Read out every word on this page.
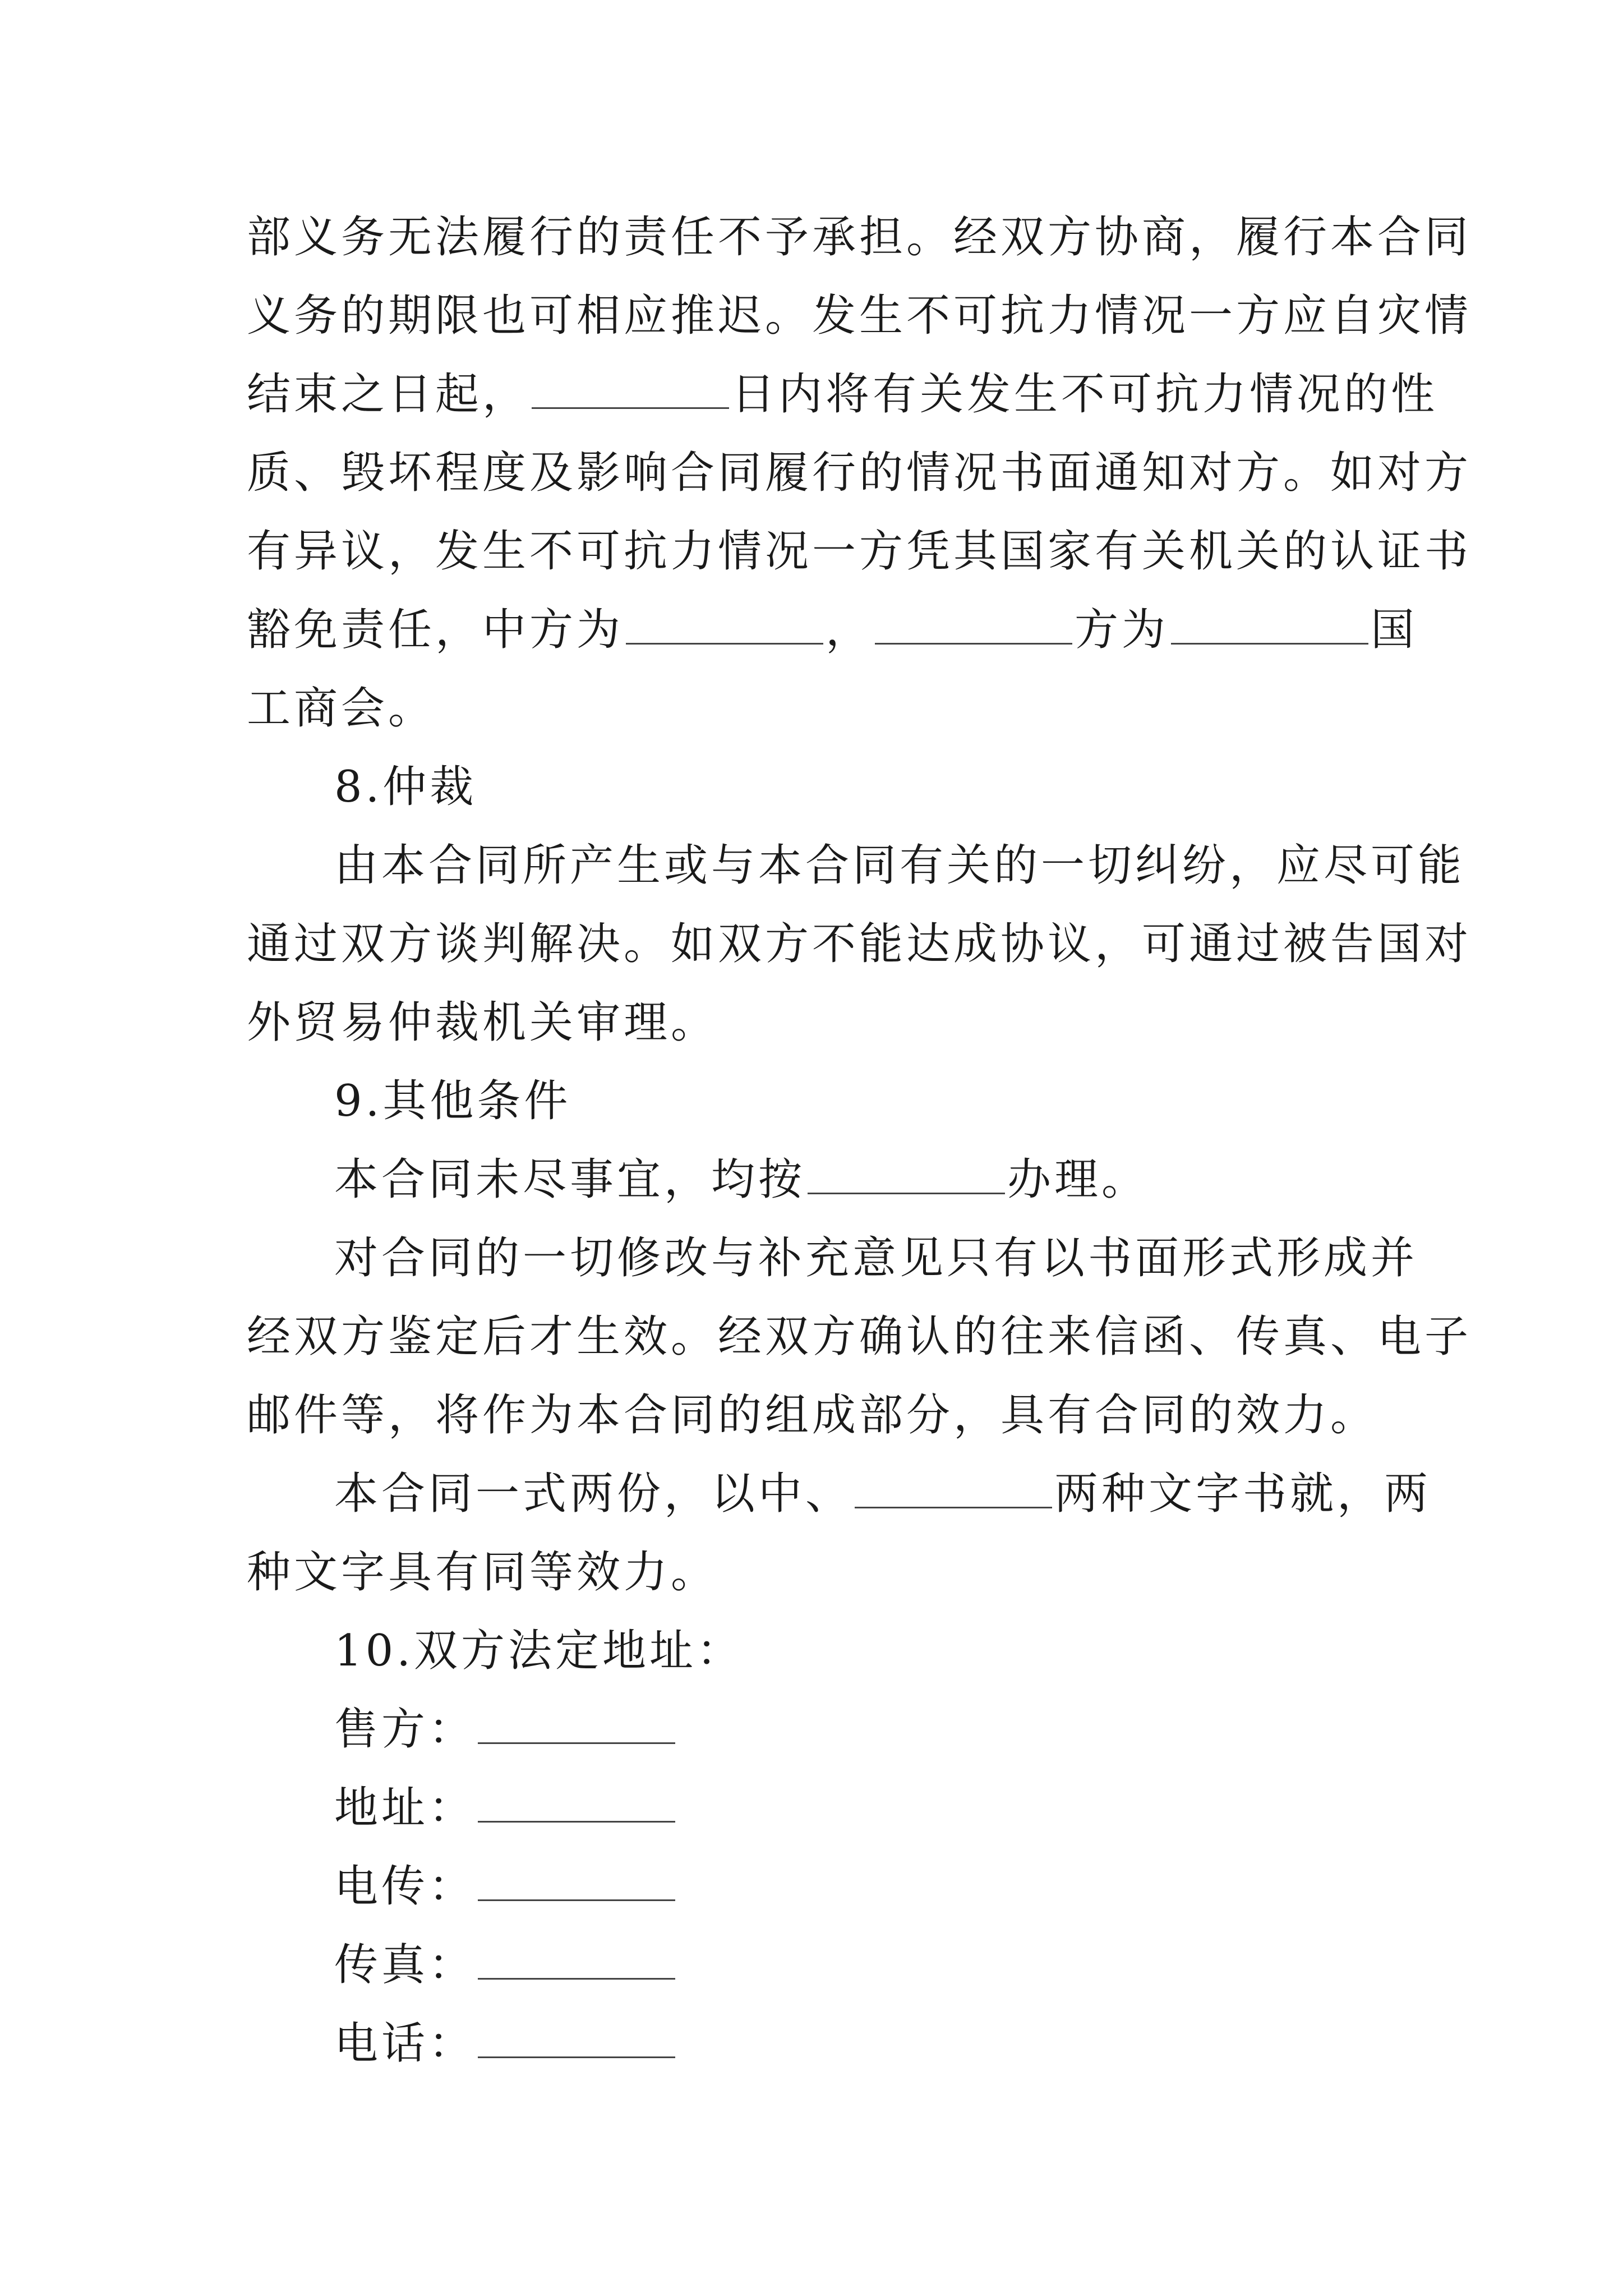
部义务无法履行的责任不予承担。经双方协商，履行本合同
义务的期限也可相应推迟。发生不可抗力情况一方应自灾情
结束之日起，	日内将有关发生不可抗力情况的性
质、毁坏程度及影响合同履行的情况书面通知对方。如对方
有异议，发生不可抗力情况一方凭其国家有关机关的认证书
豁免责任，中方为	，	方为	国
工商会。
8.仲裁
由本合同所产生或与本合同有关的一切纠纷，应尽可能
通过双方谈判解决。如双方不能达成协议，可通过被告国对
外贸易仲裁机关审理。
9.其他条件
本合同未尽事宜，均按	办理。
对合同的一切修改与补充意见只有以书面形式形成并
经双方鉴定后才生效。经双方确认的往来信函、传真、电子
邮件等，将作为本合同的组成部分，具有合同的效力。
本合同一式两份，以中、	两种文字书就，两
种文字具有同等效力。
10.双方法定地址：
售方：
地址：
电传：
传真：
电话：
